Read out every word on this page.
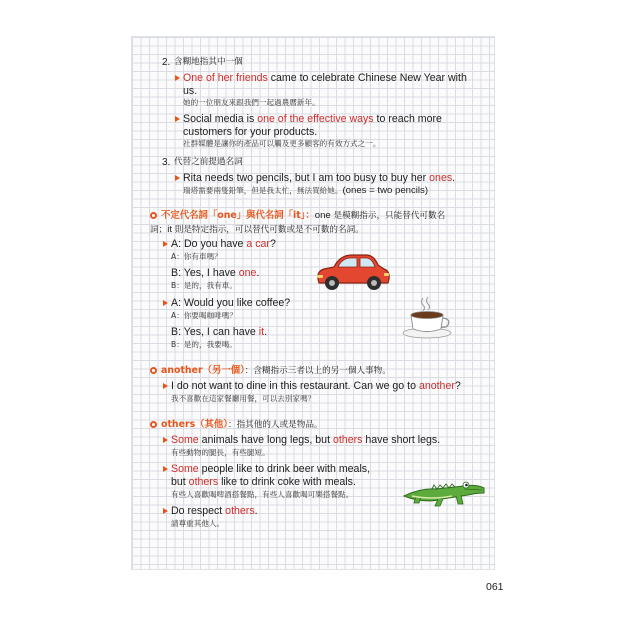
2. 含糊地指其中一個
One of her friends came to celebrate Chinese New Year with
us.
她的一位朋友來跟我們一起過農曆新年。
Social media is one of the effective ways to reach more
customers for your products.
社群媒體是讓你的產品可以觸及更多顧客的有效方式之一。
3. 代替之前提過名詞
Rita needs two pencils, but I am too busy to buy her ones.
瑞塔需要兩隻鉛筆，但是我太忙，無法買給她。(ones = two pencils)
不定代名詞「one」與代名詞「it」：one 是模糊指示，只能替代可數名
詞；it 則是特定指示，可以替代可數或是不可數的名詞。
A: Do you have a car?
A：你有車嗎？
B: Yes, I have one.
B：是的，我有車。
A: Would you like coffee?
A：你要喝咖啡嗎？
B: Yes, I can have it.
B：是的，我要喝。
another（另一個）：含糊指示三者以上的另一個人事物。
I do not want to dine in this restaurant. Can we go to another?
我不喜歡在這家餐廳用餐，可以去別家嗎？
others（其他）：指其他的人或是物品。
Some animals have long legs, but others have short legs.
有些動物的腿長，有些腿短。
Some people like to drink beer with meals,
but others like to drink coke with meals.
有些人喜歡喝啤酒搭餐點，有些人喜歡喝可樂搭餐點。
Do respect others.
請尊重其他人。
061
